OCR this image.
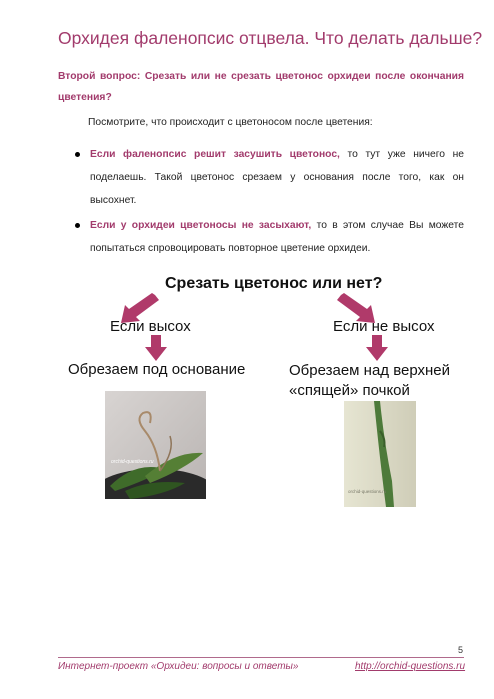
Орхидея фаленопсис отцвела. Что делать дальше?
Второй вопрос: Срезать или не срезать цветонос орхидеи после окончания цветения?
Посмотрите, что происходит с цветоносом после цветения:
Если фаленопсис решит засушить цветонос, то тут уже ничего не поделаешь. Такой цветонос срезаем у основания после того, как он высохнет.
Если у орхидеи цветоносы не засыхают, то в этом случае Вы можете попытаться спровоцировать повторное цветение орхидеи.
Срезать цветонос или нет?
Если высох	Если не высох
Обрезаем под основание	Обрезаем над верхней
«спящей» почкой
orchid-questions.ru
orchid-questions.ru
5
Интернет-проект «Орхидеи: вопросы и ответы»	http://orchid-questions.ru
